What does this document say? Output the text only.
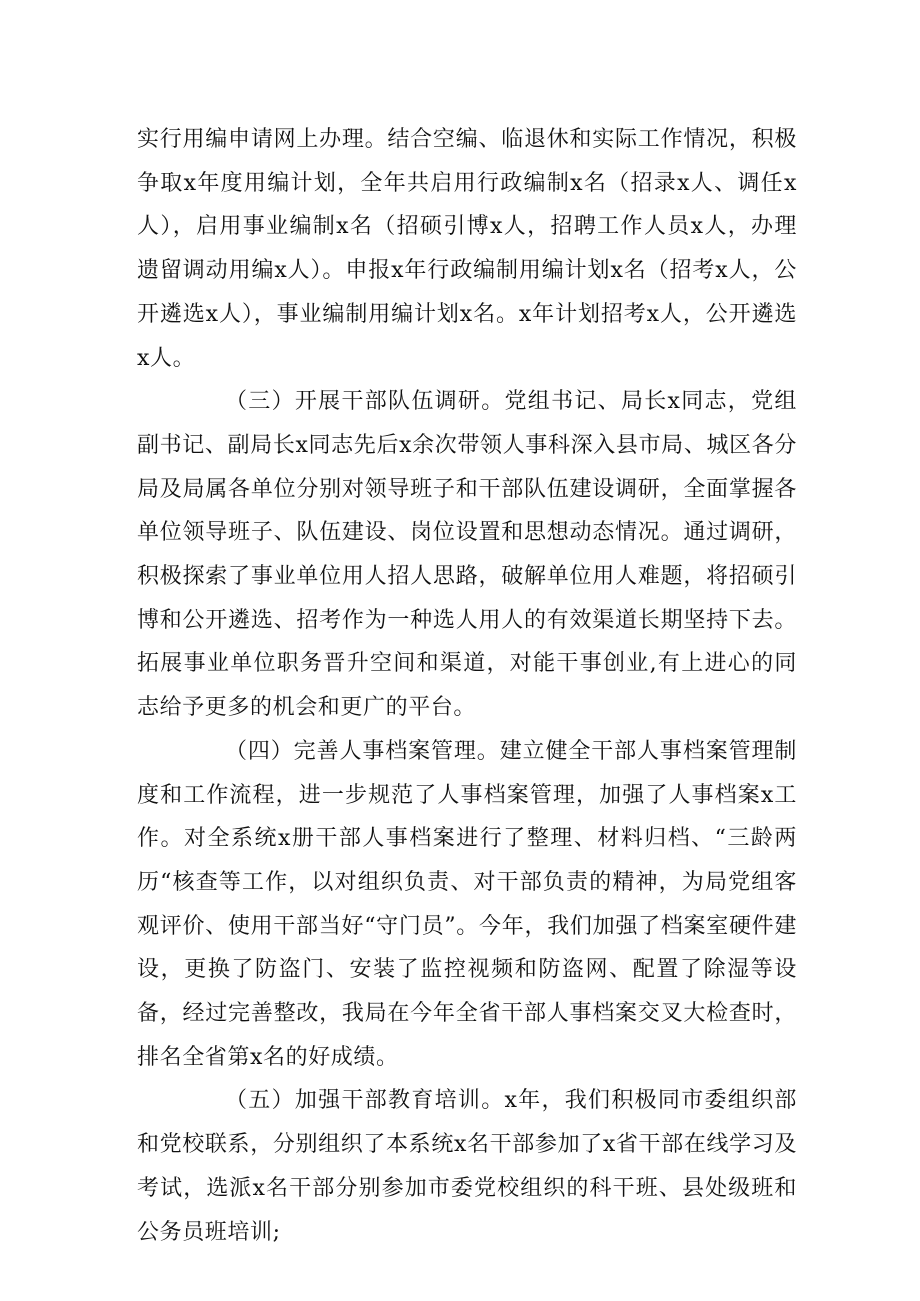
实行用编申请网上办理。结合空编、临退休和实际工作情况，积极争取x年度用编计划，全年共启用行政编制x名（招录x人、调任x人），启用事业编制x名（招硕引博x人，招聘工作人员x人，办理遗留调动用编x人）。申报x年行政编制用编计划x名（招考x人，公开遴选x人），事业编制用编计划x名。x年计划招考x人，公开遴选x人。

（三）开展干部队伍调研。党组书记、局长x同志，党组副书记、副局长x同志先后x余次带领人事科深入县市局、城区各分局及局属各单位分别对领导班子和干部队伍建设调研，全面掌握各单位领导班子、队伍建设、岗位设置和思想动态情况。通过调研，积极探索了事业单位用人招人思路，破解单位用人难题，将招硕引博和公开遴选、招考作为一种选人用人的有效渠道长期坚持下去。拓展事业单位职务晋升空间和渠道，对能干事创业,有上进心的同志给予更多的机会和更广的平台。

（四）完善人事档案管理。建立健全干部人事档案管理制度和工作流程，进一步规范了人事档案管理，加强了人事档案x工作。对全系统x册干部人事档案进行了整理、材料归档、“三龄两历“核查等工作，以对组织负责、对干部负责的精神，为局党组客观评价、使用干部当好“守门员”。今年，我们加强了档案室硬件建设，更换了防盗门、安装了监控视频和防盗网、配置了除湿等设备，经过完善整改，我局在今年全省干部人事档案交叉大检查时，排名全省第x名的好成绩。

（五）加强干部教育培训。x年，我们积极同市委组织部和党校联系，分别组织了本系统x名干部参加了x省干部在线学习及考试，选派x名干部分别参加市委党校组织的科干班、县处级班和公务员班培训;
